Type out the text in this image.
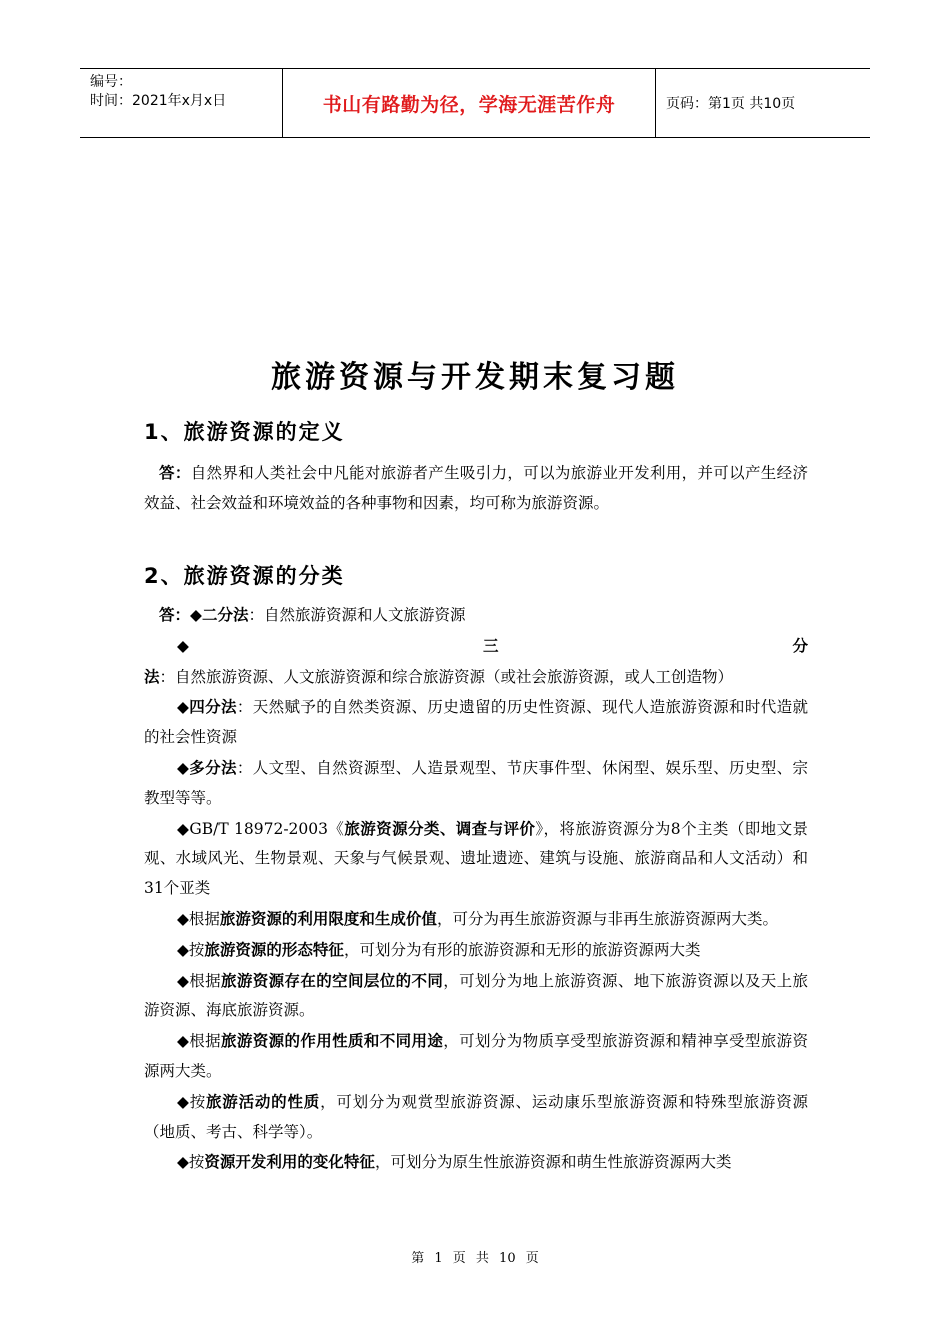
编号：
时间：2021年x月x日	书山有路勤为径，学海无涯苦作舟	页码：第1页 共10页
旅游资源与开发期末复习题
1、旅游资源的定义
答：自然界和人类社会中凡能对旅游者产生吸引力，可以为旅游业开发利用，并可以产生经济效益、社会效益和环境效益的各种事物和因素，均可称为旅游资源。
2、旅游资源的分类
答：◆二分法：自然旅游资源和人文旅游资源
◆三分法：自然旅游资源、人文旅游资源和综合旅游资源（或社会旅游资源，或人工创造物）
◆四分法：天然赋予的自然类资源、历史遗留的历史性资源、现代人造旅游资源和时代造就的社会性资源
◆多分法：人文型、自然资源型、人造景观型、节庆事件型、休闲型、娱乐型、历史型、宗教型等等。
◆GB/T 18972-2003《旅游资源分类、调查与评价》，将旅游资源分为8个主类（即地文景观、水域风光、生物景观、天象与气候景观、遗址遗迹、建筑与设施、旅游商品和人文活动）和31个亚类
◆根据旅游资源的利用限度和生成价值，可分为再生旅游资源与非再生旅游资源两大类。
◆按旅游资源的形态特征，可划分为有形的旅游资源和无形的旅游资源两大类
◆根据旅游资源存在的空间层位的不同，可划分为地上旅游资源、地下旅游资源以及天上旅游资源、海底旅游资源。
◆根据旅游资源的作用性质和不同用途，可划分为物质享受型旅游资源和精神享受型旅游资源两大类。
◆按旅游活动的性质，可划分为观赏型旅游资源、运动康乐型旅游资源和特殊型旅游资源（地质、考古、科学等）。
◆按资源开发利用的变化特征，可划分为原生性旅游资源和萌生性旅游资源两大类
第 1 页 共 10 页
